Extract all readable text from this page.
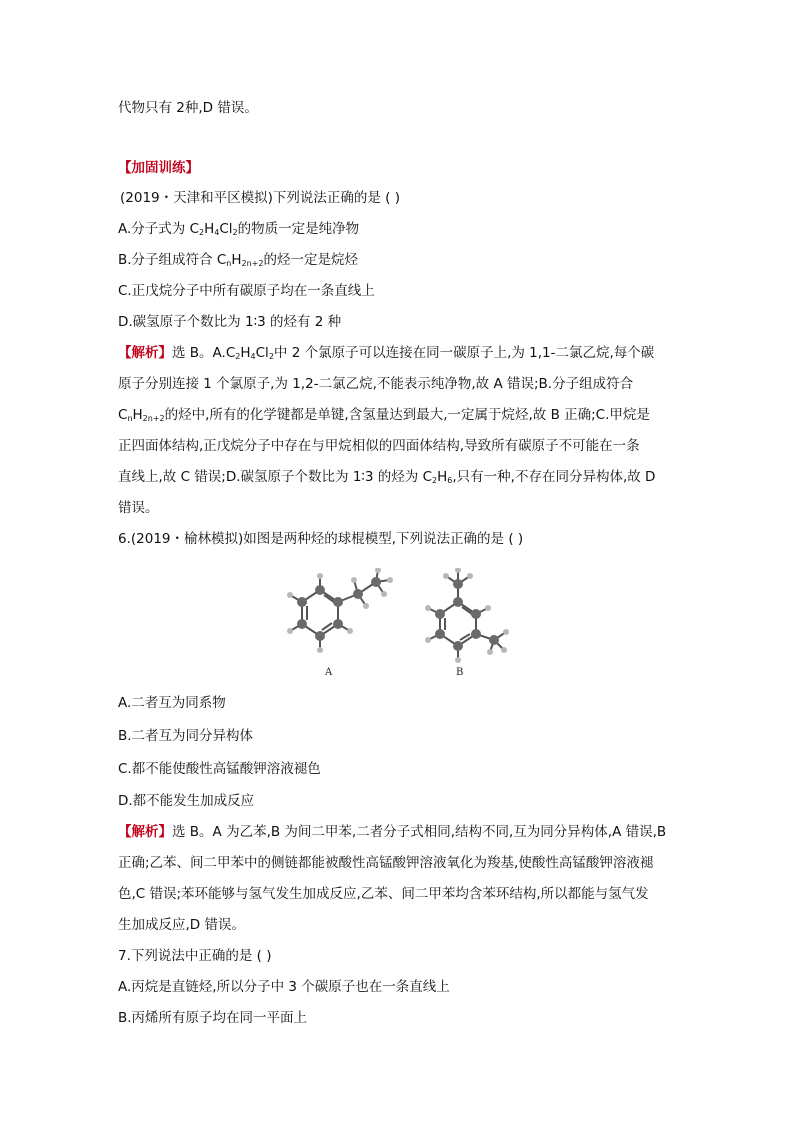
代物只有 2种,D 错误。
【加固训练】
(2019・天津和平区模拟)下列说法正确的是 ( )
A.分子式为 $C_2H_4Cl_2$的物质一定是纯净物
B.分子组成符合 $C_nH_{2n+2}$的烃一定是烷烃
C.正戊烷分子中所有碳原子均在一条直线上
D.碳氢原子个数比为 1∶3 的烃有 2 种
【解析】选 B。$A.C_2H_4Cl_2$中 2 个氯原子可以连接在同一碳原子上,为 1,1-二氯乙烷,每个碳
原子分别连接 1 个氯原子,为 1,2-二氯乙烷,不能表示纯净物,故 A 错误;B.分子组成符合
$C_nH_{2n+2}$的烃中,所有的化学键都是单键,含氢量达到最大,一定属于烷烃,故 B 正确;C.甲烷是
正四面体结构,正戊烷分子中存在与甲烷相似的四面体结构,导致所有碳原子不可能在一条
直线上,故 C 错误;D.碳氢原子个数比为 1∶3 的烃为 $C_2H_6$,只有一种,不存在同分异构体,故 D
错误。
6.(2019・榆林模拟)如图是两种烃的球棍模型,下列说法正确的是 ( )
A	B
A.二者互为同系物
B.二者互为同分异构体
C.都不能使酸性高锰酸钾溶液褪色
D.都不能发生加成反应
【解析】选 B。A 为乙苯,B 为间二甲苯,二者分子式相同,结构不同,互为同分异构体,A 错误,B
正确;乙苯、间二甲苯中的侧链都能被酸性高锰酸钾溶液氧化为羧基,使酸性高锰酸钾溶液褪
色,C 错误;苯环能够与氢气发生加成反应,乙苯、间二甲苯均含苯环结构,所以都能与氢气发
生加成反应,D 错误。
7.下列说法中正确的是 ( )
A.丙烷是直链烃,所以分子中 3 个碳原子也在一条直线上
B.丙烯所有原子均在同一平面上
